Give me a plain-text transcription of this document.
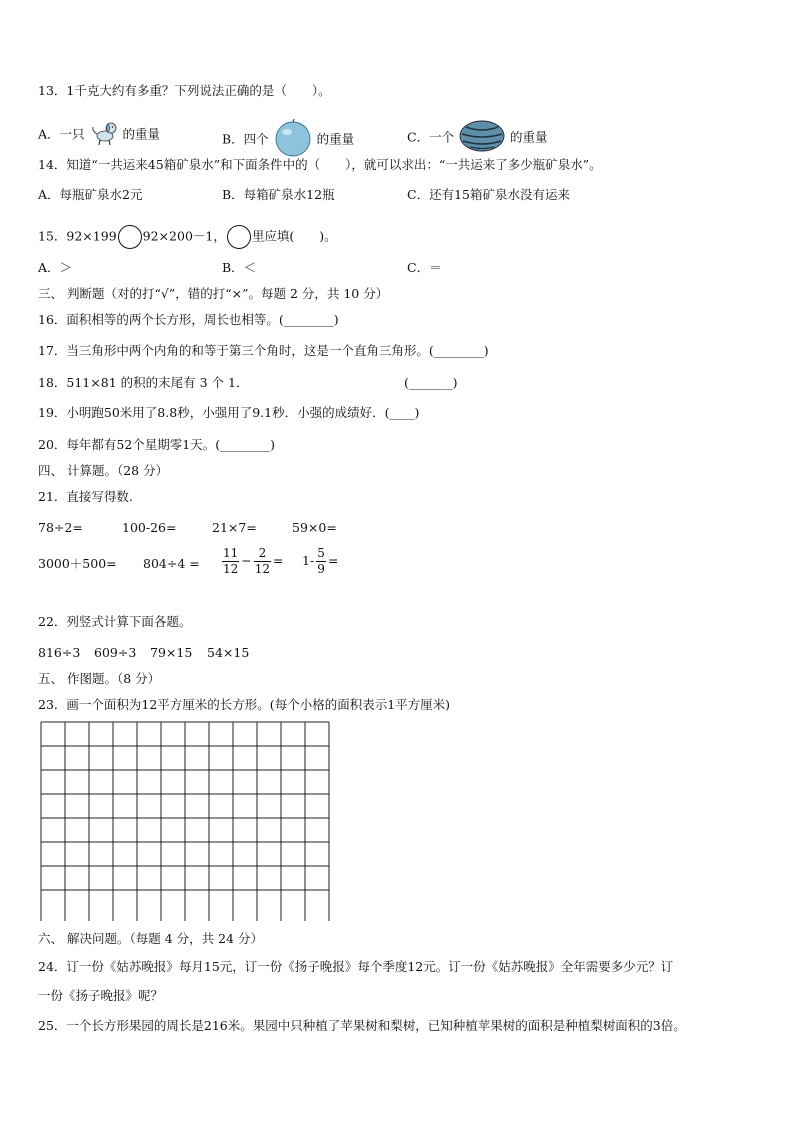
13．1千克大约有多重？下列说法正确的是（　　）。
A．一只	的重量	B．四个	的重量	C．一个	的重量
14．知道“一共运来45箱矿泉水”和下面条件中的（　　），就可以求出：“一共运来了多少瓶矿泉水”。
A．每瓶矿泉水2元	B．每箱矿泉水12瓶	C．还有15箱矿泉水没有运来
15．92×199 92×200－1， 里应填(　　)。
A．＞	B．＜	C．＝
三、 判断题（对的打“√”，错的打“×”。每题 2 分，共 10 分）
16．面积相等的两个长方形，周长也相等。(________)
17．当三角形中两个内角的和等于第三个角时，这是一个直角三角形。(________)
18．511×81 的积的末尾有 3 个 1．	(_______)
19．小明跑50米用了8.8秒，小强用了9.1秒．小强的成绩好．(____)
20．每年都有52个星期零1天。(________)
四、 计算题。（28 分）
21．直接写得数.
78÷2=	100-26=	21×7=	59×0=
$3000+500= 804\div 4 = \frac{11}{12} - \frac{2}{12} = 1- \frac{5}{9}$ =
22．列竖式计算下面各题。
816÷3 609÷3 79×15 54×15
五、 作图题。（8 分）
23．画一个面积为12平方厘米的长方形。(每个小格的面积表示1平方厘米)
六、 解决问题。（每题 4 分，共 24 分）
24．订一份《姑苏晚报》每月15元，订一份《扬子晚报》每个季度12元。订一份《姑苏晚报》全年需要多少元？订
一份《扬子晚报》呢？
25．一个长方形果园的周长是216米。果园中只种植了苹果树和梨树，已知种植苹果树的面积是种植梨树面积的3倍。
